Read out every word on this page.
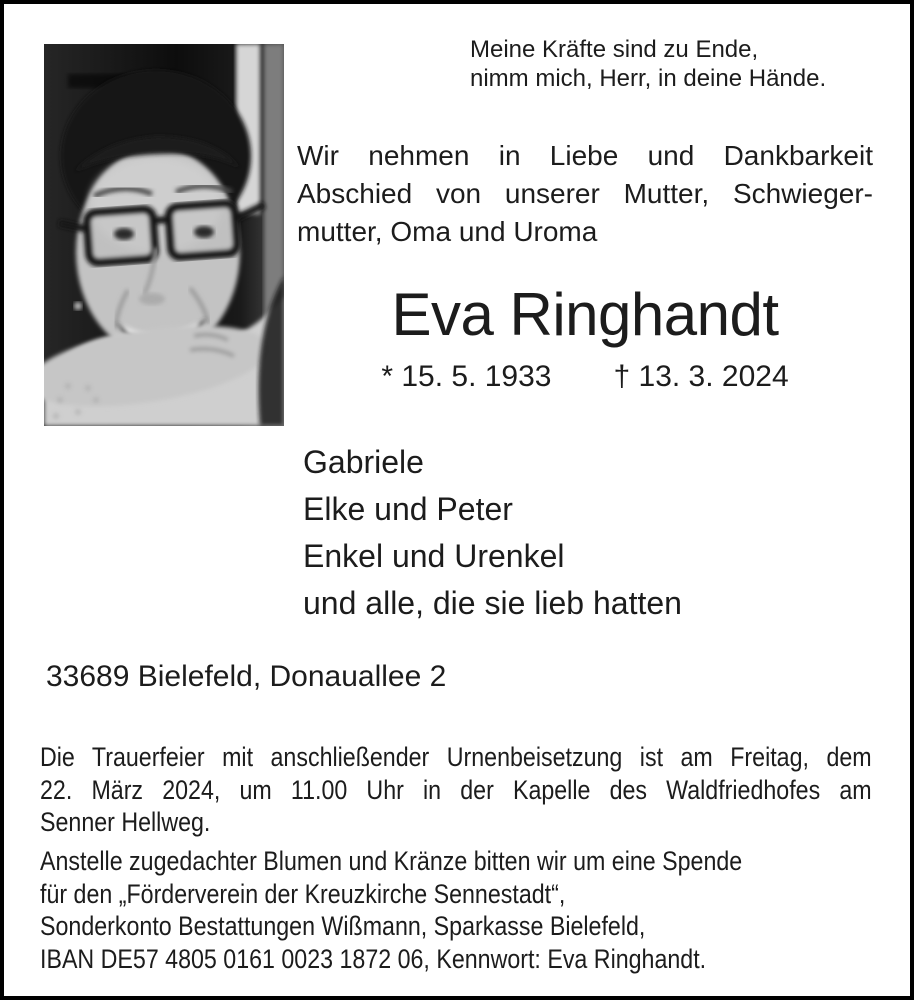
Meine Kräfte sind zu Ende,
nimm mich, Herr, in deine Hände.
Wir nehmen in Liebe und Dankbarkeit
Abschied von unserer Mutter, Schwieger-
mutter, Oma und Uroma
Eva Ringhandt
* 15. 5. 1933 † 13. 3. 2024
Gabriele
Elke und Peter
Enkel und Urenkel
und alle, die sie lieb hatten
33689 Bielefeld, Donauallee 2
Die Trauerfeier mit anschließender Urnenbeisetzung ist am Freitag, dem
22. März 2024, um 11.00 Uhr in der Kapelle des Waldfriedhofes am
Senner Hellweg.
Anstelle zugedachter Blumen und Kränze bitten wir um eine Spende
für den „Förderverein der Kreuzkirche Sennestadt“,
Sonderkonto Bestattungen Wißmann, Sparkasse Bielefeld,
IBAN DE57 4805 0161 0023 1872 06, Kennwort: Eva Ringhandt.
